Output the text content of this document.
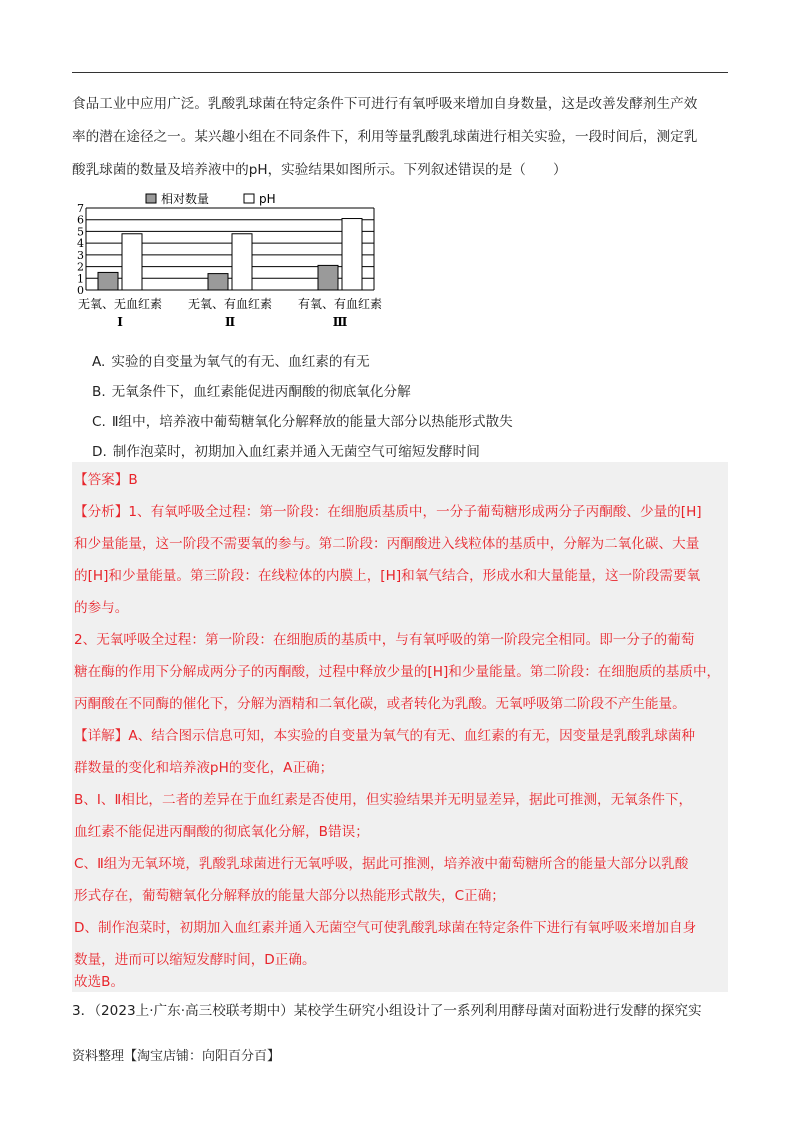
食品工业中应用广泛。乳酸乳球菌在特定条件下可进行有氧呼吸来增加自身数量，这是改善发酵剂生产效
率的潜在途径之一。某兴趣小组在不同条件下，利用等量乳酸乳球菌进行相关实验，一段时间后，测定乳
酸乳球菌的数量及培养液中的pH，实验结果如图所示。下列叙述错误的是（　　）
相对数量	pH
0
1
2
3
4
5
6
7
无氧、无血红素
Ⅰ
无氧、有血红素
Ⅱ
有氧、有血红素
Ⅲ
A. 实验的自变量为氧气的有无、血红素的有无
B. 无氧条件下，血红素能促进丙酮酸的彻底氧化分解
C. Ⅱ组中，培养液中葡萄糖氧化分解释放的能量大部分以热能形式散失
D. 制作泡菜时，初期加入血红素并通入无菌空气可缩短发酵时间
【答案】B
【分析】1、有氧呼吸全过程：第一阶段：在细胞质基质中，一分子葡萄糖形成两分子丙酮酸、少量的[H]
和少量能量，这一阶段不需要氧的参与。第二阶段：丙酮酸进入线粒体的基质中，分解为二氧化碳、大量
的[H]和少量能量。第三阶段：在线粒体的内膜上，[H]和氧气结合，形成水和大量能量，这一阶段需要氧
的参与。
2、无氧呼吸全过程：第一阶段：在细胞质的基质中，与有氧呼吸的第一阶段完全相同。即一分子的葡萄
糖在酶的作用下分解成两分子的丙酮酸，过程中释放少量的[H]和少量能量。第二阶段：在细胞质的基质中，
丙酮酸在不同酶的催化下，分解为酒精和二氧化碳，或者转化为乳酸。无氧呼吸第二阶段不产生能量。
【详解】A、结合图示信息可知，本实验的自变量为氧气的有无、血红素的有无，因变量是乳酸乳球菌种
群数量的变化和培养液pH的变化，A正确；
B、Ⅰ、Ⅱ相比，二者的差异在于血红素是否使用，但实验结果并无明显差异，据此可推测，无氧条件下，
血红素不能促进丙酮酸的彻底氧化分解，B错误；
C、Ⅱ组为无氧环境，乳酸乳球菌进行无氧呼吸，据此可推测，培养液中葡萄糖所含的能量大部分以乳酸
形式存在，葡萄糖氧化分解释放的能量大部分以热能形式散失，C正确；
D、制作泡菜时，初期加入血红素并通入无菌空气可使乳酸乳球菌在特定条件下进行有氧呼吸来增加自身
数量，进而可以缩短发酵时间，D正确。
故选B。
3．（2023上·广东·高三校联考期中）某校学生研究小组设计了一系列利用酵母菌对面粉进行发酵的探究实
资料整理【淘宝店铺：向阳百分百】
